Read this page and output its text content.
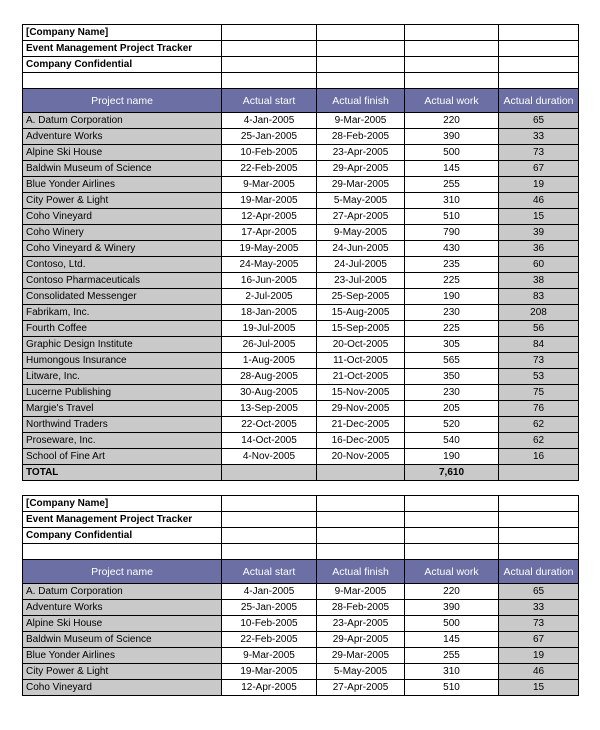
[Company Name]				
Event Management Project Tracker				
Company Confidential				

Project name	Actual start	Actual finish	Actual work	Actual duration
A. Datum Corporation	4-Jan-2005	9-Mar-2005	220	65
Adventure Works	25-Jan-2005	28-Feb-2005	390	33
Alpine Ski House	10-Feb-2005	23-Apr-2005	500	73
Baldwin Museum of Science	22-Feb-2005	29-Apr-2005	145	67
Blue Yonder Airlines	9-Mar-2005	29-Mar-2005	255	19
City Power & Light	19-Mar-2005	5-May-2005	310	46
Coho Vineyard	12-Apr-2005	27-Apr-2005	510	15
Coho Winery	17-Apr-2005	9-May-2005	790	39
Coho Vineyard & Winery	19-May-2005	24-Jun-2005	430	36
Contoso, Ltd.	24-May-2005	24-Jul-2005	235	60
Contoso Pharmaceuticals	16-Jun-2005	23-Jul-2005	225	38
Consolidated Messenger	2-Jul-2005	25-Sep-2005	190	83
Fabrikam, Inc.	18-Jan-2005	15-Aug-2005	230	208
Fourth Coffee	19-Jul-2005	15-Sep-2005	225	56
Graphic Design Institute	26-Jul-2005	20-Oct-2005	305	84
Humongous Insurance	1-Aug-2005	11-Oct-2005	565	73
Litware, Inc.	28-Aug-2005	21-Oct-2005	350	53
Lucerne Publishing	30-Aug-2005	15-Nov-2005	230	75
Margie's Travel	13-Sep-2005	29-Nov-2005	205	76
Northwind Traders	22-Oct-2005	21-Dec-2005	520	62
Proseware, Inc.	14-Oct-2005	16-Dec-2005	540	62
School of Fine Art	4-Nov-2005	20-Nov-2005	190	16
TOTAL			7,610	
[Company Name]				
Event Management Project Tracker				
Company Confidential				

Project name	Actual start	Actual finish	Actual work	Actual duration
A. Datum Corporation	4-Jan-2005	9-Mar-2005	220	65
Adventure Works	25-Jan-2005	28-Feb-2005	390	33
Alpine Ski House	10-Feb-2005	23-Apr-2005	500	73
Baldwin Museum of Science	22-Feb-2005	29-Apr-2005	145	67
Blue Yonder Airlines	9-Mar-2005	29-Mar-2005	255	19
City Power & Light	19-Mar-2005	5-May-2005	310	46
Coho Vineyard	12-Apr-2005	27-Apr-2005	510	15
